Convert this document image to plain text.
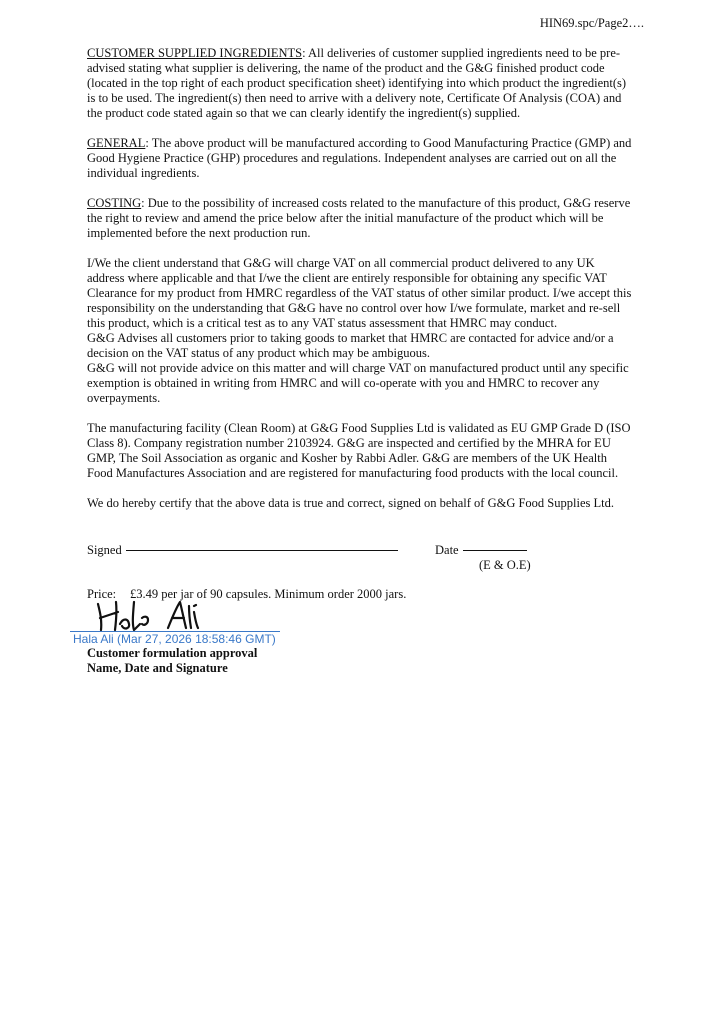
HIN69.spc/Page2….

CUSTOMER SUPPLIED INGREDIENTS: All deliveries of customer supplied ingredients need to be pre-advised stating what supplier is delivering, the name of the product and the G&G finished product code (located in the top right of each product specification sheet) identifying into which product the ingredient(s) is to be used. The ingredient(s) then need to arrive with a delivery note, Certificate Of Analysis (COA) and the product code stated again so that we can clearly identify the ingredient(s) supplied.

GENERAL: The above product will be manufactured according to Good Manufacturing Practice (GMP) and Good Hygiene Practice (GHP) procedures and regulations. Independent analyses are carried out on all the individual ingredients.

COSTING: Due to the possibility of increased costs related to the manufacture of this product, G&G reserve the right to review and amend the price below after the initial manufacture of the product which will be implemented before the next production run.

I/We the client understand that G&G will charge VAT on all commercial product delivered to any UK address where applicable and that I/we the client are entirely responsible for obtaining any specific VAT Clearance for my product from HMRC regardless of the VAT status of other similar product. I/we accept this responsibility on the understanding that G&G have no control over how I/we formulate, market and re-sell this product, which is a critical test as to any VAT status assessment that HMRC may conduct.

G&G Advises all customers prior to taking goods to market that HMRC are contacted for advice and/or a decision on the VAT status of any product which may be ambiguous.

G&G will not provide advice on this matter and will charge VAT on manufactured product until any specific exemption is obtained in writing from HMRC and will co-operate with you and HMRC to recover any overpayments.

The manufacturing facility (Clean Room) at G&G Food Supplies Ltd is validated as EU GMP Grade D (ISO Class 8). Company registration number 2103924. G&G are inspected and certified by the MHRA for EU GMP, The Soil Association as organic and Kosher by Rabbi Adler. G&G are members of the UK Health Food Manufactures Association and are registered for manufacturing food products with the local council.

We do hereby certify that the above data is true and correct, signed on behalf of G&G Food Supplies Ltd.

Signed	Date
(E & O.E)
Price: £3.49 per jar of 90 capsules. Minimum order 2000 jars.
Hala Ali (Mar 27, 2026 18:58:46 GMT)
Customer formulation approval
Name, Date and Signature
